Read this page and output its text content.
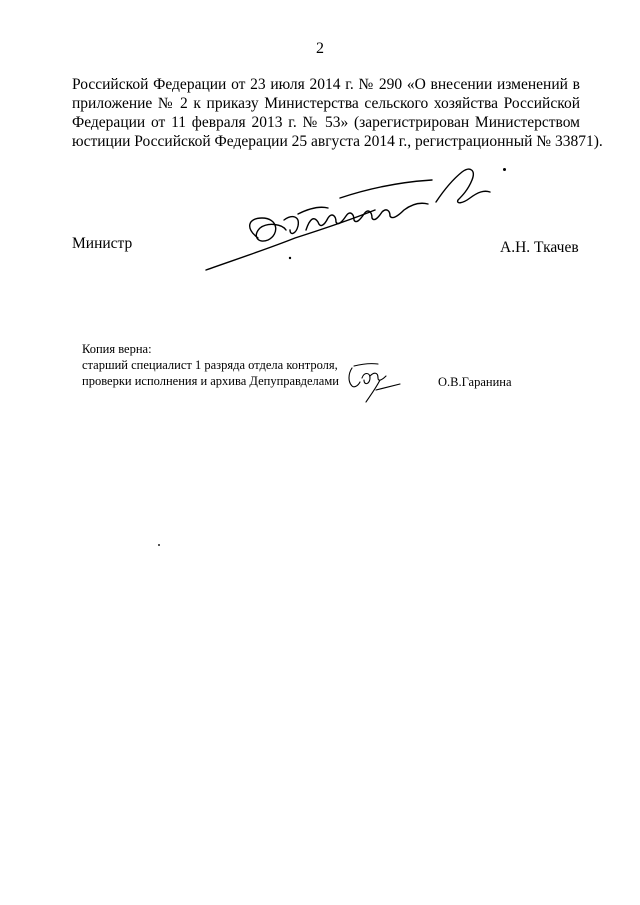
2
Российской Федерации от 23 июля 2014 г. № 290 «О внесении изменений в
приложение № 2 к приказу Министерства сельского хозяйства Российской
Федерации от 11 февраля 2013 г. № 53» (зарегистрирован Министерством
юстиции Российской Федерации 25 августа 2014 г., регистрационный № 33871).
Министр	А.Н. Ткачев
Копия верна:
старший специалист 1 разряда отдела контроля,
проверки исполнения и архива Депуправделами	О.В.Гаранина
